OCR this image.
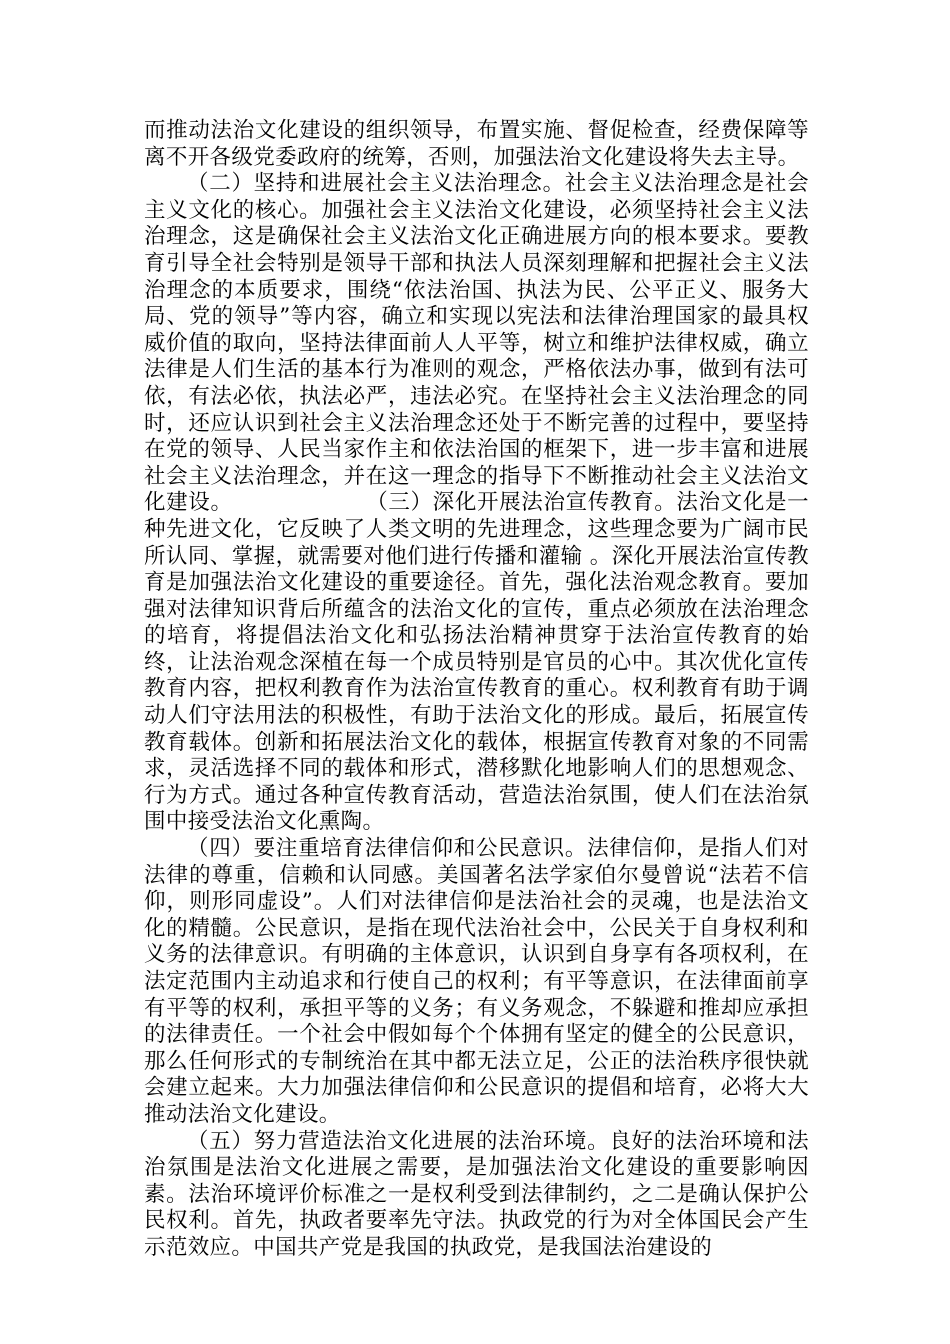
而推动法治文化建设的组织领导，布置实施、督促检查，经费保障等离不开各级党委政府的统筹，否则，加强法治文化建设将失去主导。

（二）坚持和进展社会主义法治理念。社会主义法治理念是社会主义文化的核心。加强社会主义法治文化建设，必须坚持社会主义法治理念，这是确保社会主义法治文化正确进展方向的根本要求。要教育引导全社会特别是领导干部和执法人员深刻理解和把握社会主义法治理念的本质要求，围绕“依法治国、执法为民、公平正义、服务大局、党的领导”等内容，确立和实现以宪法和法律治理国家的最具权威价值的取向，坚持法律面前人人平等，树立和维护法律权威，确立法律是人们生活的基本行为准则的观念，严格依法办事，做到有法可依，有法必依，执法必严，违法必究。在坚持社会主义法治理念的同时，还应认识到社会主义法治理念还处于不断完善的过程中，要坚持在党的领导、人民当家作主和依法治国的框架下，进一步丰富和进展社会主义法治理念，并在这一理念的指导下不断推动社会主义法治文化建设。　　　　　　　	（三）深化开展法治宣传教育。法治文化是一种先进文化，它反映了人类文明的先进理念，这些理念要为广阔市民所认同、掌握，就需要对他们进行传播和灌输 。深化开展法治宣传教育是加强法治文化建设的重要途径。首先，强化法治观念教育。要加强对法律知识背后所蕴含的法治文化的宣传，重点必须放在法治理念的培育，将提倡法治文化和弘扬法治精神贯穿于法治宣传教育的始终，让法治观念深植在每一个成员特别是官员的心中。其次优化宣传教育内容，把权利教育作为法治宣传教育的重心。权利教育有助于调动人们守法用法的积极性，有助于法治文化的形成。最后，拓展宣传教育载体。创新和拓展法治文化的载体，根据宣传教育对象的不同需求，灵活选择不同的载体和形式，潜移默化地影响人们的思想观念、行为方式。通过各种宣传教育活动，营造法治氛围，使人们在法治氛围中接受法治文化熏陶。

（四）要注重培育法律信仰和公民意识。法律信仰，是指人们对法律的尊重，信赖和认同感。美国著名法学家伯尔曼曾说“法若不信仰，则形同虚设”。人们对法律信仰是法治社会的灵魂，也是法治文化的精髓。公民意识，是指在现代法治社会中，公民关于自身权利和义务的法律意识。有明确的主体意识，认识到自身享有各项权利，在法定范围内主动追求和行使自己的权利；有平等意识，在法律面前享有平等的权利，承担平等的义务；有义务观念，不躲避和推却应承担的法律责任。一个社会中假如每个个体拥有坚定的健全的公民意识，那么任何形式的专制统治在其中都无法立足，公正的法治秩序很快就会建立起来。大力加强法律信仰和公民意识的提倡和培育，必将大大推动法治文化建设。

（五）努力营造法治文化进展的法治环境。良好的法治环境和法治氛围是法治文化进展之需要，是加强法治文化建设的重要影响因素。法治环境评价标准之一是权利受到法律制约，之二是确认保护公民权利。首先，执政者要率先守法。执政党的行为对全体国民会产生示范效应。中国共产党是我国的执政党，是我国法治建设的
